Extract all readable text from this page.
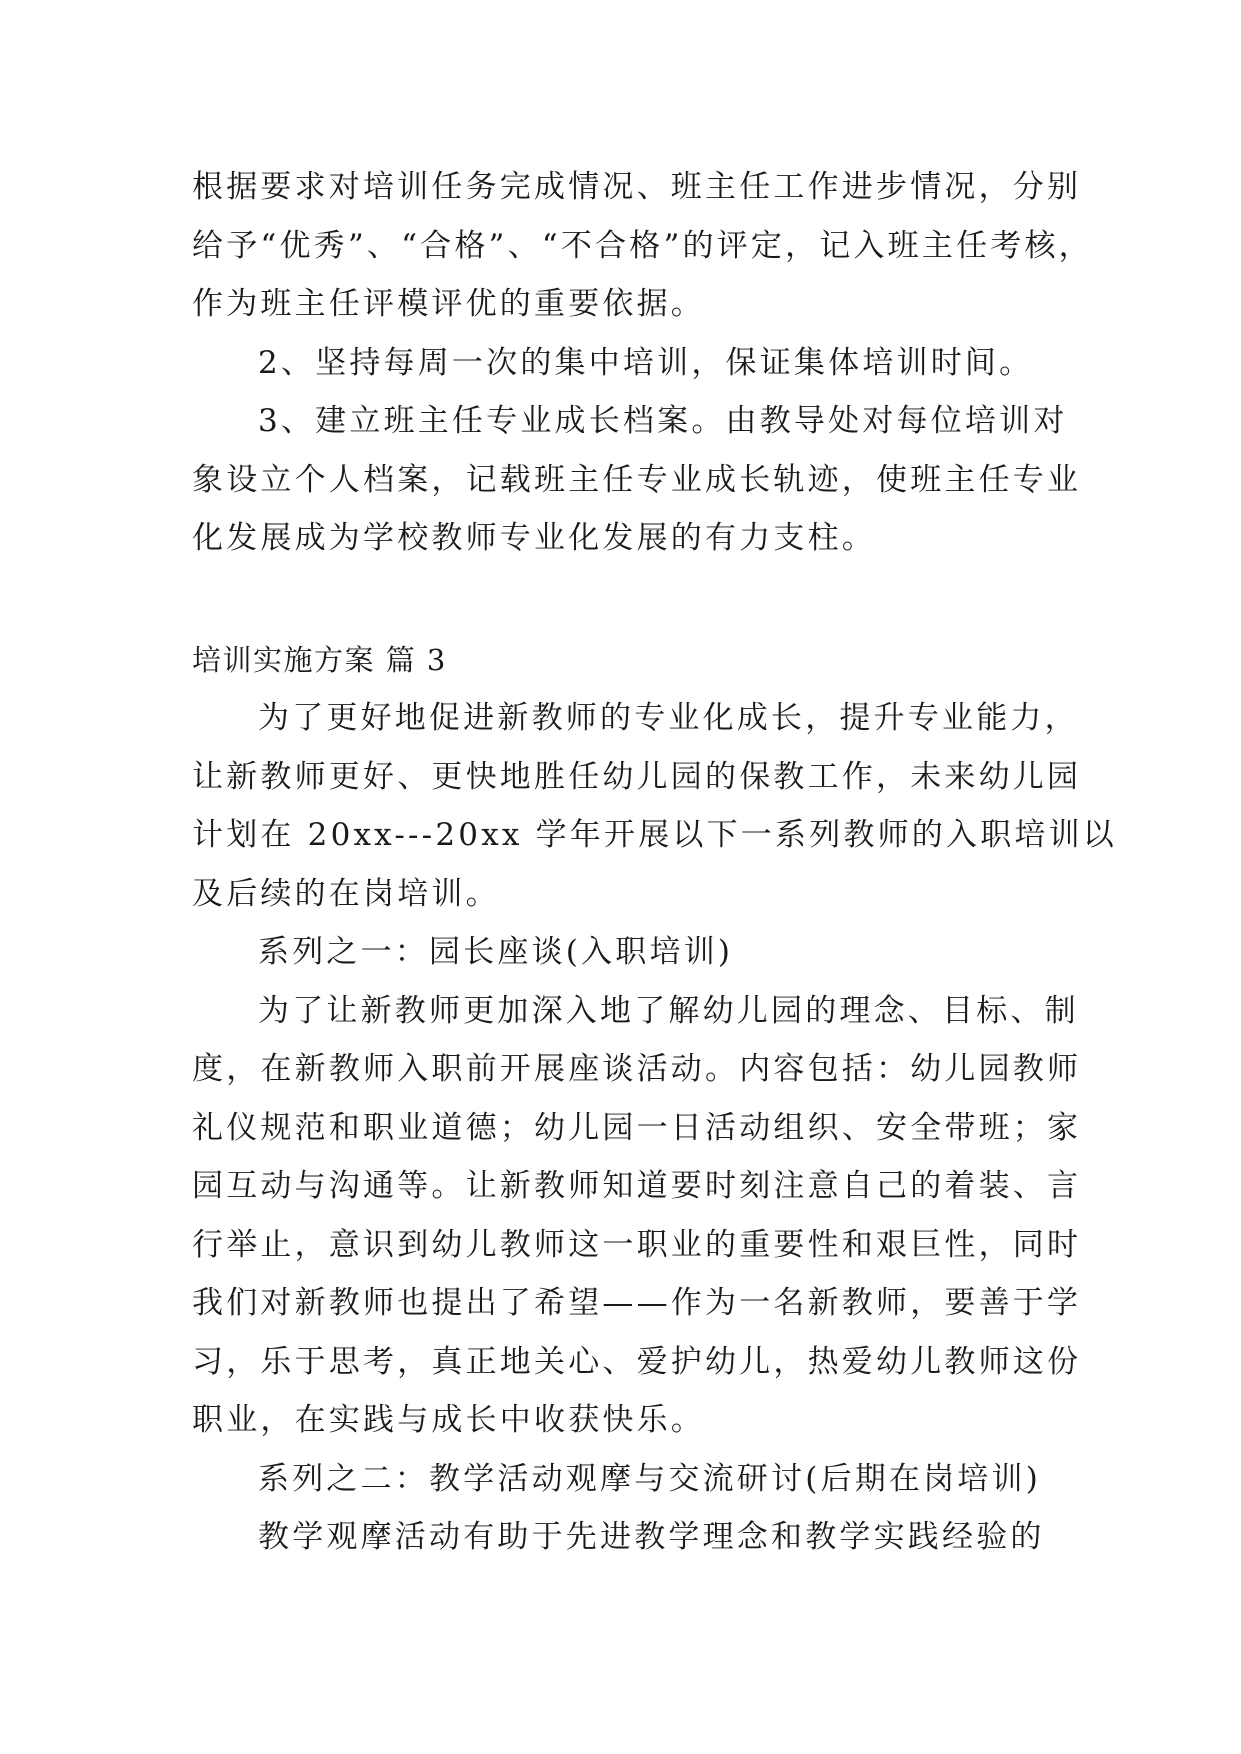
根据要求对培训任务完成情况、班主任工作进步情况，分别
给予“优秀”、“合格”、“不合格”的评定，记入班主任考核，
作为班主任评模评优的重要依据。

2、坚持每周一次的集中培训，保证集体培训时间。

3、建立班主任专业成长档案。由教导处对每位培训对
象设立个人档案，记载班主任专业成长轨迹，使班主任专业
化发展成为学校教师专业化发展的有力支柱。

培训实施方案 篇 3

为了更好地促进新教师的专业化成长，提升专业能力，
让新教师更好、更快地胜任幼儿园的保教工作，未来幼儿园
计划在 20xx---20xx 学年开展以下一系列教师的入职培训以
及后续的在岗培训。

系列之一：园长座谈(入职培训)

为了让新教师更加深入地了解幼儿园的理念、目标、制
度，在新教师入职前开展座谈活动。内容包括：幼儿园教师
礼仪规范和职业道德；幼儿园一日活动组织、安全带班；家
园互动与沟通等。让新教师知道要时刻注意自己的着装、言
行举止，意识到幼儿教师这一职业的重要性和艰巨性，同时
我们对新教师也提出了希望——作为一名新教师，要善于学
习，乐于思考，真正地关心、爱护幼儿，热爱幼儿教师这份
职业，在实践与成长中收获快乐。

系列之二：教学活动观摩与交流研讨(后期在岗培训)

教学观摩活动有助于先进教学理念和教学实践经验的
